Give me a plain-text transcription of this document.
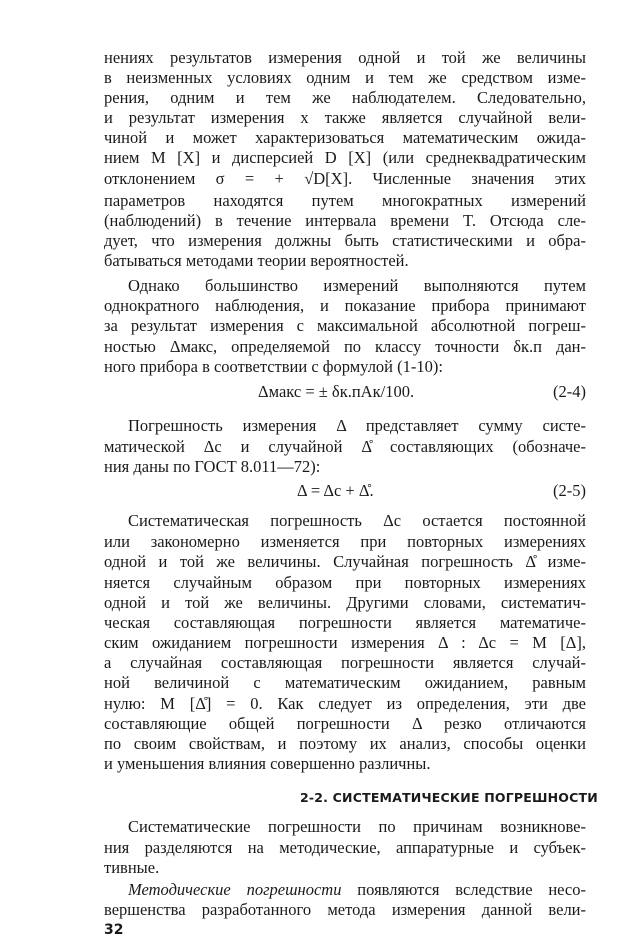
нениях результатов измерения одной и той же величины
в неизменных условиях одним и тем же средством изме-
рения, одним и тем же наблюдателем. Следовательно,
и результат измерения x также является случайной вели-
чиной и может характеризоваться математическим ожида-
нием M [X] и дисперсией D [X] (или среднеквадратическим
отклонением σ = + √D[X]. Численные значения этих
параметров находятся путем многократных измерений
(наблюдений) в течение интервала времени T. Отсюда сле-
дует, что измерения должны быть статистическими и обра-
батываться методами теории вероятностей.
Однако большинство измерений выполняются путем
однократного наблюдения, и показание прибора принимают
за результат измерения с максимальной абсолютной погреш-
ностью Δмакс, определяемой по классу точности δк.п дан-
ного прибора в соответствии с формулой (1-10):
Δмакс = ± δк.пAк/100.	(2-4)
Погрешность измерения Δ представляет сумму систе-
матической Δc и случайной Δ̊ составляющих (обозначе-
ния даны по ГОСТ 8.011—72):
Δ = Δc + Δ̊.	(2-5)
Систематическая погрешность Δc остается постоянной
или закономерно изменяется при повторных измерениях
одной и той же величины. Случайная погрешность Δ̊ изме-
няется случайным образом при повторных измерениях
одной и той же величины. Другими словами, систематич-
ческая составляющая погрешности является математиче-
ским ожиданием погрешности измерения Δ : Δc = M [Δ],
а случайная составляющая погрешности является случай-
ной величиной с математическим ожиданием, равным
нулю: M [Δ̊] = 0. Как следует из определения, эти две
составляющие общей погрешности Δ резко отличаются
по своим свойствам, и поэтому их анализ, способы оценки
и уменьшения влияния совершенно различны.
2-2. СИСТЕМАТИЧЕСКИЕ ПОГРЕШНОСТИ
Систематические погрешности по причинам возникнове-
ния разделяются на методические, аппаратурные и субъек-
тивные.
Методические погрешности появляются вследствие несо-
32
вершенства разработанного метода измерения данной вели-
